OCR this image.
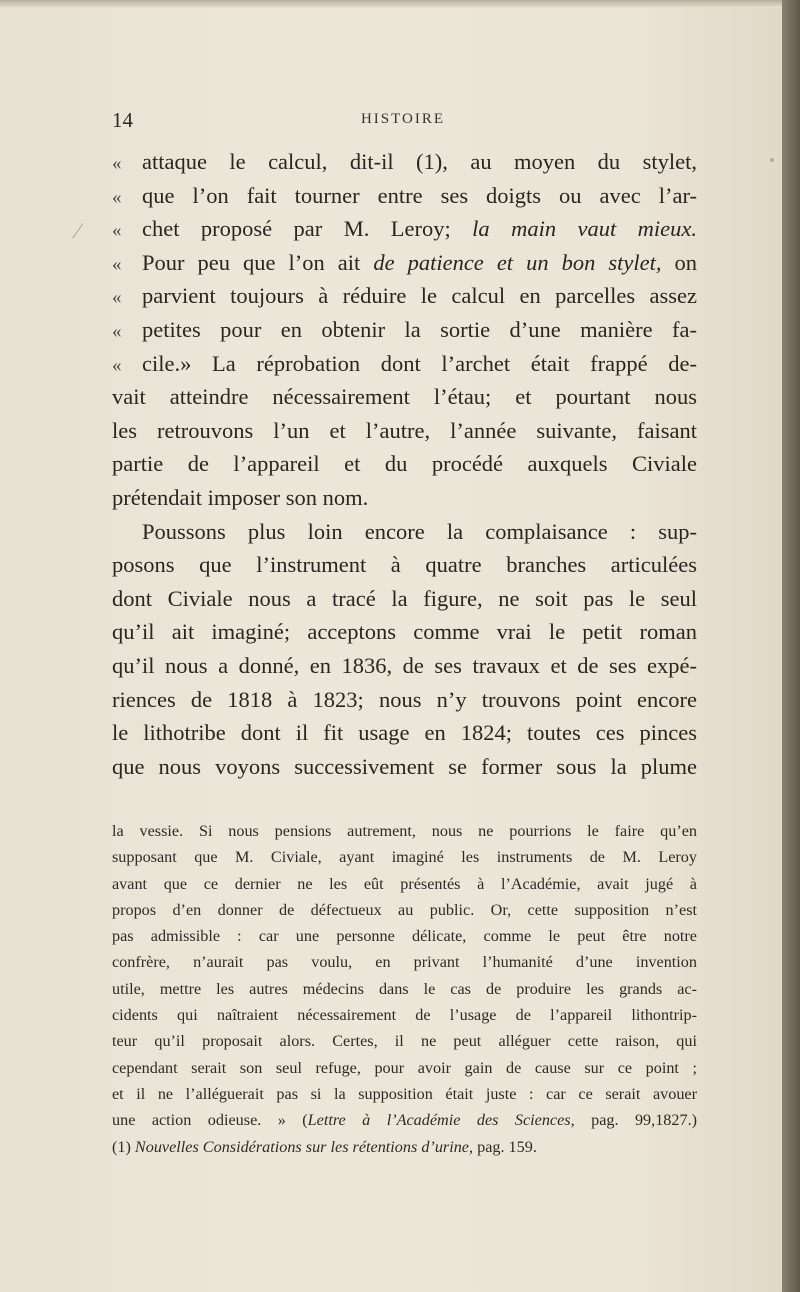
⁄
14	HISTOIRE
« attaque le calcul, dit-il (1), au moyen du stylet,
« que l’on fait tourner entre ses doigts ou avec l’ar-
« chet proposé par M. Leroy; la main vaut mieux.
« Pour peu que l’on ait de patience et un bon stylet, on
« parvient toujours à réduire le calcul en parcelles assez
« petites pour en obtenir la sortie d’une manière fa-
« cile.» La réprobation dont l’archet était frappé de-
vait atteindre nécessairement l’étau; et pourtant nous
les retrouvons l’un et l’autre, l’année suivante, faisant
partie de l’appareil et du procédé auxquels Civiale
prétendait imposer son nom.
Poussons plus loin encore la complaisance : sup-
posons que l’instrument à quatre branches articulées
dont Civiale nous a tracé la figure, ne soit pas le seul
qu’il ait imaginé; acceptons comme vrai le petit roman
qu’il nous a donné, en 1836, de ses travaux et de ses expé-
riences de 1818 à 1823; nous n’y trouvons point encore
le lithotribe dont il fit usage en 1824; toutes ces pinces
que nous voyons successivement se former sous la plume
la vessie. Si nous pensions autrement, nous ne pourrions le faire qu’en
supposant que M. Civiale, ayant imaginé les instruments de M. Leroy
avant que ce dernier ne les eût présentés à l’Académie, avait jugé à
propos d’en donner de défectueux au public. Or, cette supposition n’est
pas admissible : car une personne délicate, comme le peut être notre
confrère, n’aurait pas voulu, en privant l’humanité d’une invention
utile, mettre les autres médecins dans le cas de produire les grands ac-
cidents qui naîtraient nécessairement de l’usage de l’appareil lithontrip-
teur qu’il proposait alors. Certes, il ne peut alléguer cette raison, qui
cependant serait son seul refuge, pour avoir gain de cause sur ce point ;
et il ne l’alléguerait pas si la supposition était juste : car ce serait avouer
une action odieuse. » (Lettre à l’Académie des Sciences, pag. 99,1827.)
(1) Nouvelles Considérations sur les rétentions d’urine, pag. 159.
